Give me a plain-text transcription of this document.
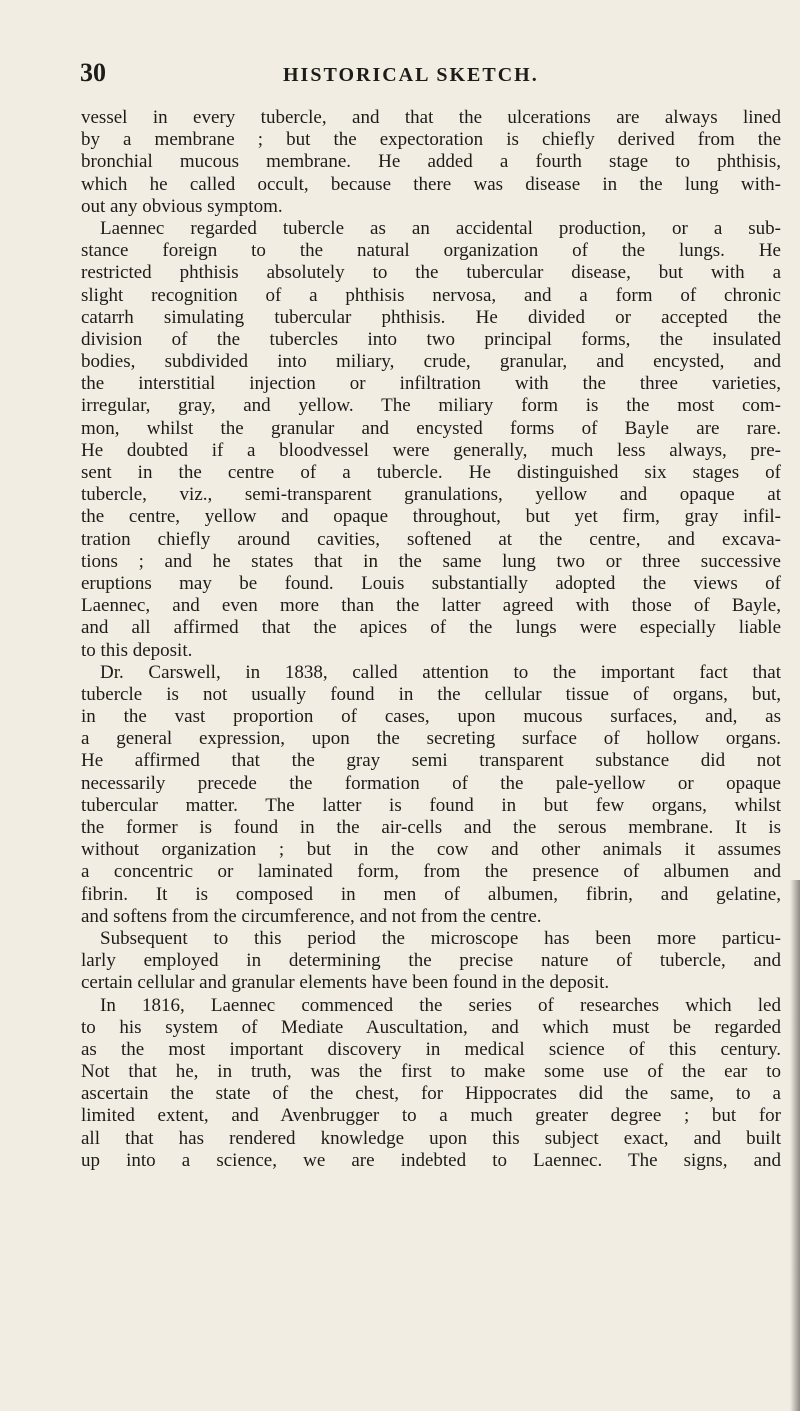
30	HISTORICAL SKETCH.
vessel in every tubercle, and that the ulcerations are always lined
by a membrane ; but the expectoration is chiefly derived from the
bronchial mucous membrane. He added a fourth stage to phthisis,
which he called occult, because there was disease in the lung with-
out any obvious symptom.
Laennec regarded tubercle as an accidental production, or a sub-
stance foreign to the natural organization of the lungs. He
restricted phthisis absolutely to the tubercular disease, but with a
slight recognition of a phthisis nervosa, and a form of chronic
catarrh simulating tubercular phthisis. He divided or accepted the
division of the tubercles into two principal forms, the insulated
bodies, subdivided into miliary, crude, granular, and encysted, and
the interstitial injection or infiltration with the three varieties,
irregular, gray, and yellow. The miliary form is the most com-
mon, whilst the granular and encysted forms of Bayle are rare.
He doubted if a bloodvessel were generally, much less always, pre-
sent in the centre of a tubercle. He distinguished six stages of
tubercle, viz., semi-transparent granulations, yellow and opaque at
the centre, yellow and opaque throughout, but yet firm, gray infil-
tration chiefly around cavities, softened at the centre, and excava-
tions ; and he states that in the same lung two or three successive
eruptions may be found. Louis substantially adopted the views of
Laennec, and even more than the latter agreed with those of Bayle,
and all affirmed that the apices of the lungs were especially liable
to this deposit.
Dr. Carswell, in 1838, called attention to the important fact that
tubercle is not usually found in the cellular tissue of organs, but,
in the vast proportion of cases, upon mucous surfaces, and, as
a general expression, upon the secreting surface of hollow organs.
He affirmed that the gray semi transparent substance did not
necessarily precede the formation of the pale-yellow or opaque
tubercular matter. The latter is found in but few organs, whilst
the former is found in the air-cells and the serous membrane. It is
without organization ; but in the cow and other animals it assumes
a concentric or laminated form, from the presence of albumen and
fibrin. It is composed in men of albumen, fibrin, and gelatine,
and softens from the circumference, and not from the centre.
Subsequent to this period the microscope has been more particu-
larly employed in determining the precise nature of tubercle, and
certain cellular and granular elements have been found in the deposit.
In 1816, Laennec commenced the series of researches which led
to his system of Mediate Auscultation, and which must be regarded
as the most important discovery in medical science of this century.
Not that he, in truth, was the first to make some use of the ear to
ascertain the state of the chest, for Hippocrates did the same, to a
limited extent, and Avenbrugger to a much greater degree ; but for
all that has rendered knowledge upon this subject exact, and built
up into a science, we are indebted to Laennec. The signs, and
